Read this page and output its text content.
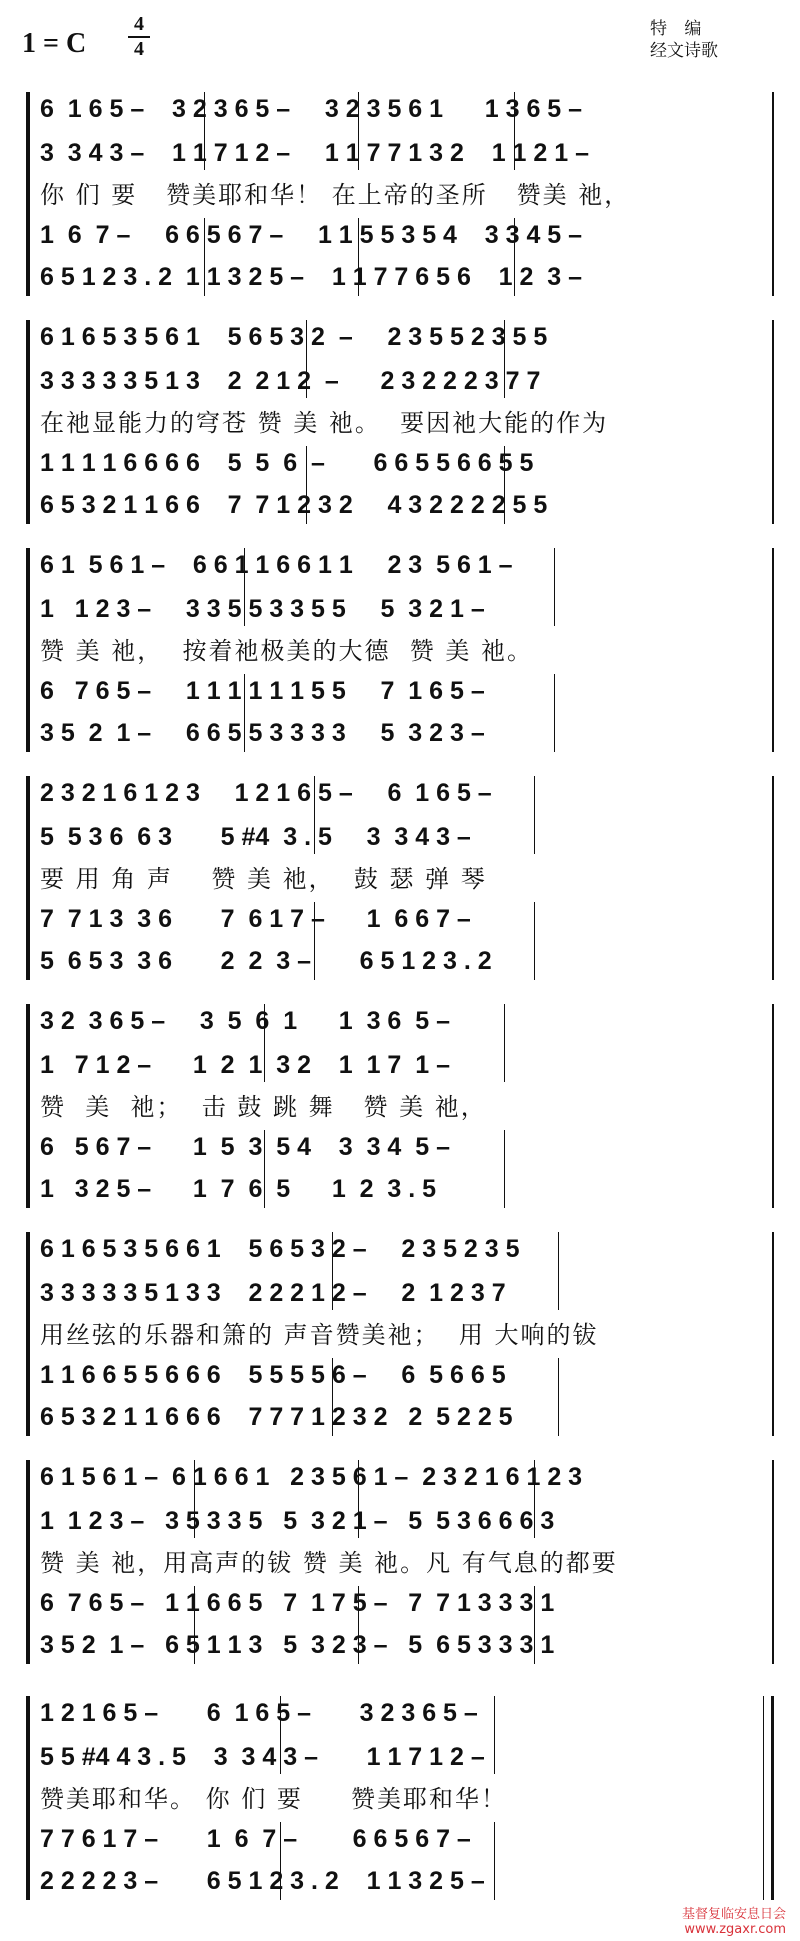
1 = C
4
4
特 编
经文诗歌
6  1 6 5 –    3 2 3 6 5 –     3 2 3 5 6 1      1 3 6 5 –
3  3 4 3 –    1 1 7 1 2 –     1 1 7 7 1 3 2    1 1 2 1 –
你 们 要   赞美耶和华！ 在上帝的圣所   赞美 祂，
1  6  7 –     6 6 5 6 7 –     1 1 5 5 3 5 4    3 3 4 5 –
6 5 1 2 3 . 2  1 1 3 2 5 –    1 1 7 7 6 5 6    1 2  3 –
6 1 6 5 3 5 6 1    5 6 5 3 2  –     2 3 5 5 2 3 5 5
3 3 3 3 3 5 1 3    2  2 1 2  –      2 3 2 2 2 3 7 7
在祂显能力的穹苍 赞 美 祂。  要因祂大能的作为
1 1 1 1 6 6 6 6    5  5  6  –       6 6 5 5 6 6 5 5
6 5 3 2 1 1 6 6    7  7 1 2 3 2     4 3 2 2 2 2 5 5
6 1  5 6 1 –    6 6 1 1 6 6 1 1     2 3  5 6 1 –
1   1 2 3 –     3 3 5 5 3 3 5 5     5  3 2 1 –
赞 美 祂，  按着祂极美的大德  赞 美 祂。
6   7 6 5 –     1 1 1 1 1 1 5 5     7  1 6 5 –
3 5  2  1 –     6 6 5 5 3 3 3 3     5  3 2 3 –
2 3 2 1 6 1 2 3     1 2 1 6 5 –     6  1 6 5 –
5  5 3 6  6 3       5 #4  3 . 5     3  3 4 3 –
要 用 角 声    赞 美 祂，  鼓 瑟 弹 琴
7  7 1 3  3 6       7  6 1 7 –      1  6 6 7 –
5  6 5 3  3 6       2  2  3 –       6 5 1 2 3 . 2
3 2  3 6 5 –     3  5  6  1      1  3 6  5 –
1   7 1 2 –      1  2  1  3 2    1  1 7  1 –
赞  美  祂；  击 鼓 跳 舞   赞 美 祂，
6   5 6 7 –      1  5  3  5 4    3  3 4  5 –
1   3 2 5 –      1  7  6  5      1  2  3 . 5
6 1 6 5 3 5 6 6 1    5 6 5 3 2 –     2 3 5 2 3 5
3 3 3 3 3 5 1 3 3    2 2 2 1 2 –     2  1 2 3 7
用丝弦的乐器和箫的 声音赞美祂；  用 大响的钹
1 1 6 6 5 5 6 6 6    5 5 5 5 6 –     6  5 6 6 5
6 5 3 2 1 1 6 6 6    7 7 7 1 2 3 2   2  5 2 2 5
6 1 5 6 1 –  6 1 6 6 1   2 3 5 6 1 –  2 3 2 1 6 1 2 3
1  1 2 3 –   3 5 3 3 5   5  3 2 1 –   5  5 3 6 6 6 3
赞 美 祂，用高声的钹 赞 美 祂。凡 有气息的都要
6  7 6 5 –   1 1 6 6 5   7  1 7 5 –   7  7 1 3 3 3 1
3 5 2  1 –   6 5 1 1 3   5  3 2 3 –   5  6 5 3 3 3 1
1 2 1 6 5 –       6  1 6 5 –       3 2 3 6 5 –
5 5 #4 4 3 . 5    3  3 4 3 –       1 1 7 1 2 –
赞美耶和华。 你 们 要     赞美耶和华！
7 7 6 1 7 –       1  6  7 –        6 6 5 6 7 –
2 2 2 2 3 –       6 5 1 2 3 . 2    1 1 3 2 5 –
基督复临安息日会
www.zgaxr.com
